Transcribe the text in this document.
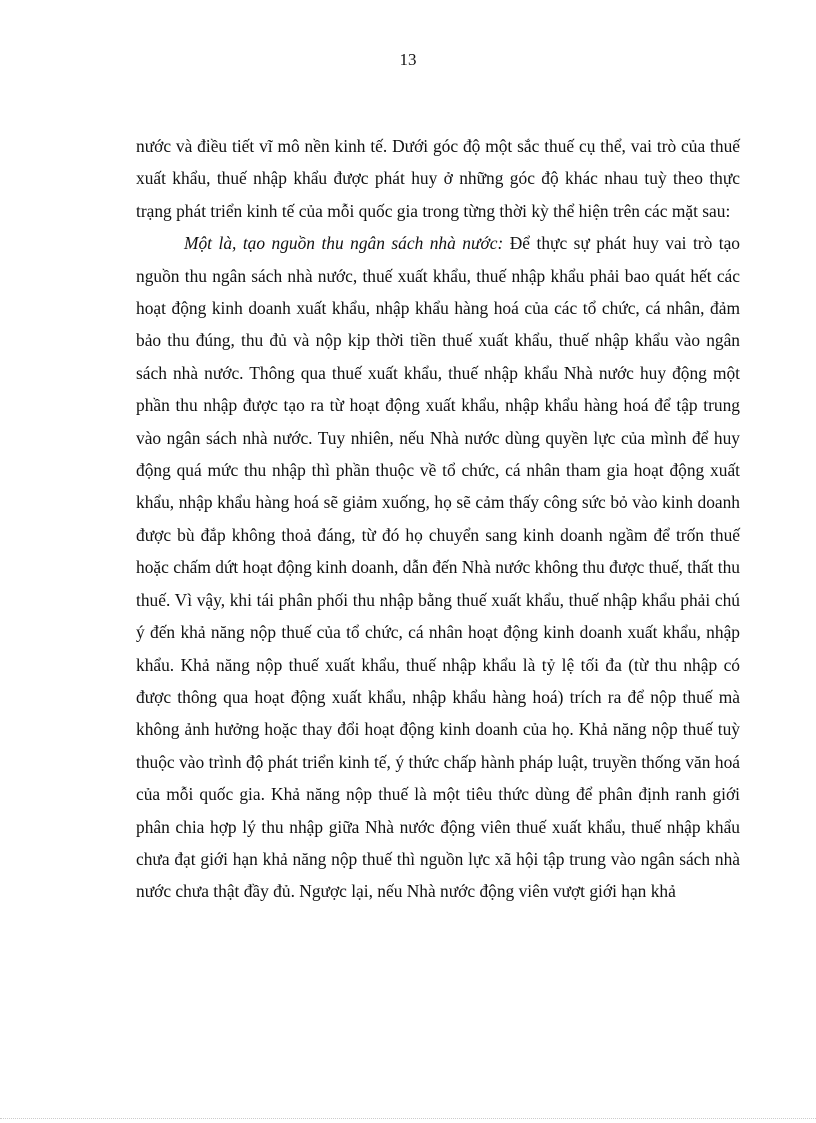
13

nước và điều tiết vĩ mô nền kinh tế. Dưới góc độ một sắc thuế cụ thể, vai trò của thuế xuất khẩu, thuế nhập khẩu được phát huy ở những góc độ khác nhau tuỳ theo thực trạng phát triển kinh tế của mỗi quốc gia trong từng thời kỳ thể hiện trên các mặt sau:

Một là, tạo nguồn thu ngân sách nhà nước: Để thực sự phát huy vai trò tạo nguồn thu ngân sách nhà nước, thuế xuất khẩu, thuế nhập khẩu phải bao quát hết các hoạt động kinh doanh xuất khẩu, nhập khẩu hàng hoá của các tổ chức, cá nhân, đảm bảo thu đúng, thu đủ và nộp kịp thời tiền thuế xuất khẩu, thuế nhập khẩu vào ngân sách nhà nước. Thông qua thuế xuất khẩu, thuế nhập khẩu Nhà nước huy động một phần thu nhập được tạo ra từ hoạt động xuất khẩu, nhập khẩu hàng hoá để tập trung vào ngân sách nhà nước. Tuy nhiên, nếu Nhà nước dùng quyền lực của mình để huy động quá mức thu nhập thì phần thuộc về tổ chức, cá nhân tham gia hoạt động xuất khẩu, nhập khẩu hàng hoá sẽ giảm xuống, họ sẽ cảm thấy công sức bỏ vào kinh doanh được bù đắp không thoả đáng, từ đó họ chuyển sang kinh doanh ngầm để trốn thuế hoặc chấm dứt hoạt động kinh doanh, dẫn đến Nhà nước không thu được thuế, thất thu thuế. Vì vậy, khi tái phân phối thu nhập bằng thuế xuất khẩu, thuế nhập khẩu phải chú ý đến khả năng nộp thuế của tổ chức, cá nhân hoạt động kinh doanh xuất khẩu, nhập khẩu. Khả năng nộp thuế xuất khẩu, thuế nhập khẩu là tỷ lệ tối đa (từ thu nhập có được thông qua hoạt động xuất khẩu, nhập khẩu hàng hoá) trích ra để nộp thuế mà không ảnh hưởng hoặc thay đổi hoạt động kinh doanh của họ. Khả năng nộp thuế tuỳ thuộc vào trình độ phát triển kinh tế, ý thức chấp hành pháp luật, truyền thống văn hoá của mỗi quốc gia. Khả năng nộp thuế là một tiêu thức dùng để phân định ranh giới phân chia hợp lý thu nhập giữa Nhà nước động viên thuế xuất khẩu, thuế nhập khẩu chưa đạt giới hạn khả năng nộp thuế thì nguồn lực xã hội tập trung vào ngân sách nhà nước chưa thật đầy đủ. Ngược lại, nếu Nhà nước động viên vượt giới hạn khả
